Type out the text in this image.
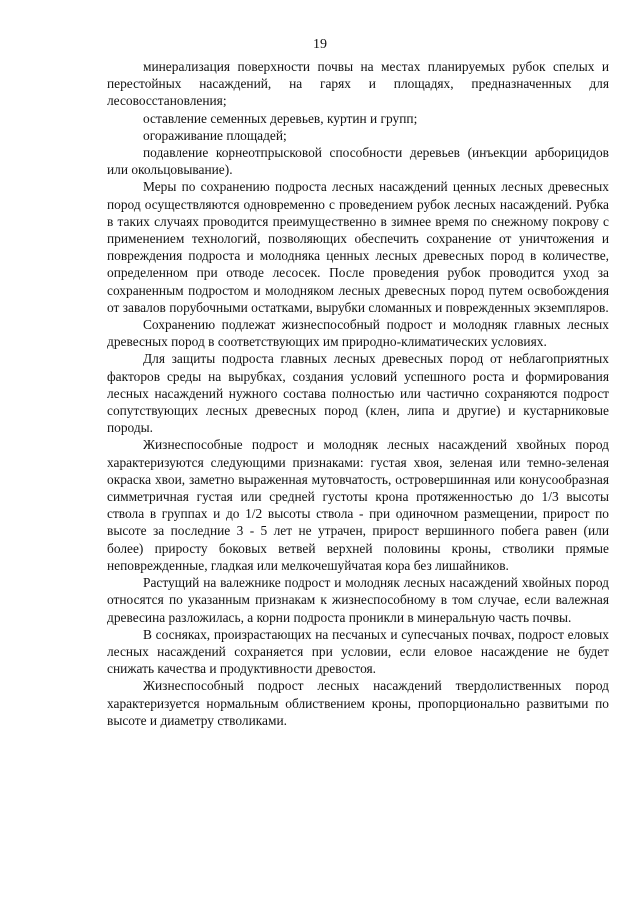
19

минерализация поверхности почвы на местах планируемых рубок спелых и перестойных насаждений, на гарях и площадях, предназначенных для лесовосстановления;

оставление семенных деревьев, куртин и групп;

огораживание площадей;

подавление корнеотпрысковой способности деревьев (инъекции арборицидов или окольцовывание).

Меры по сохранению подроста лесных насаждений ценных лесных древесных пород осуществляются одновременно с проведением рубок лесных насаждений. Рубка в таких случаях проводится преимущественно в зимнее время по снежному покрову с применением технологий, позволяющих обеспечить сохранение от уничтожения и повреждения подроста и молодняка ценных лесных древесных пород в количестве, определенном при отводе лесосек. После проведения рубок проводится уход за сохраненным подростом и молодняком лесных древесных пород путем освобождения от завалов порубочными остатками, вырубки сломанных и поврежденных экземпляров.

Сохранению подлежат жизнеспособный подрост и молодняк главных лесных древесных пород в соответствующих им природно-климатических условиях.

Для защиты подроста главных лесных древесных пород от неблагоприятных факторов среды на вырубках, создания условий успешного роста и формирования лесных насаждений нужного состава полностью или частично сохраняются подрост сопутствующих лесных древесных пород (клен, липа и другие) и кустарниковые породы.

Жизнеспособные подрост и молодняк лесных насаждений хвойных пород характеризуются следующими признаками: густая хвоя, зеленая или темно-зеленая окраска хвои, заметно выраженная мутовчатость, островершинная или конусообразная симметричная густая или средней густоты крона протяженностью до 1/3 высоты ствола в группах и до 1/2 высоты ствола - при одиночном размещении, прирост по высоте за последние 3 - 5 лет не утрачен, прирост вершинного побега равен (или более) приросту боковых ветвей верхней половины кроны, стволики прямые неповрежденные, гладкая или мелкочешуйчатая кора без лишайников.

Растущий на валежнике подрост и молодняк лесных насаждений хвойных пород относятся по указанным признакам к жизнеспособному в том случае, если валежная древесина разложилась, а корни подроста проникли в минеральную часть почвы.

В сосняках, произрастающих на песчаных и супесчаных почвах, подрост еловых лесных насаждений сохраняется при условии, если еловое насаждение не будет снижать качества и продуктивности древостоя.

Жизнеспособный подрост лесных насаждений твердолиственных пород характеризуется нормальным облиствением кроны, пропорционально развитыми по высоте и диаметру стволиками.
